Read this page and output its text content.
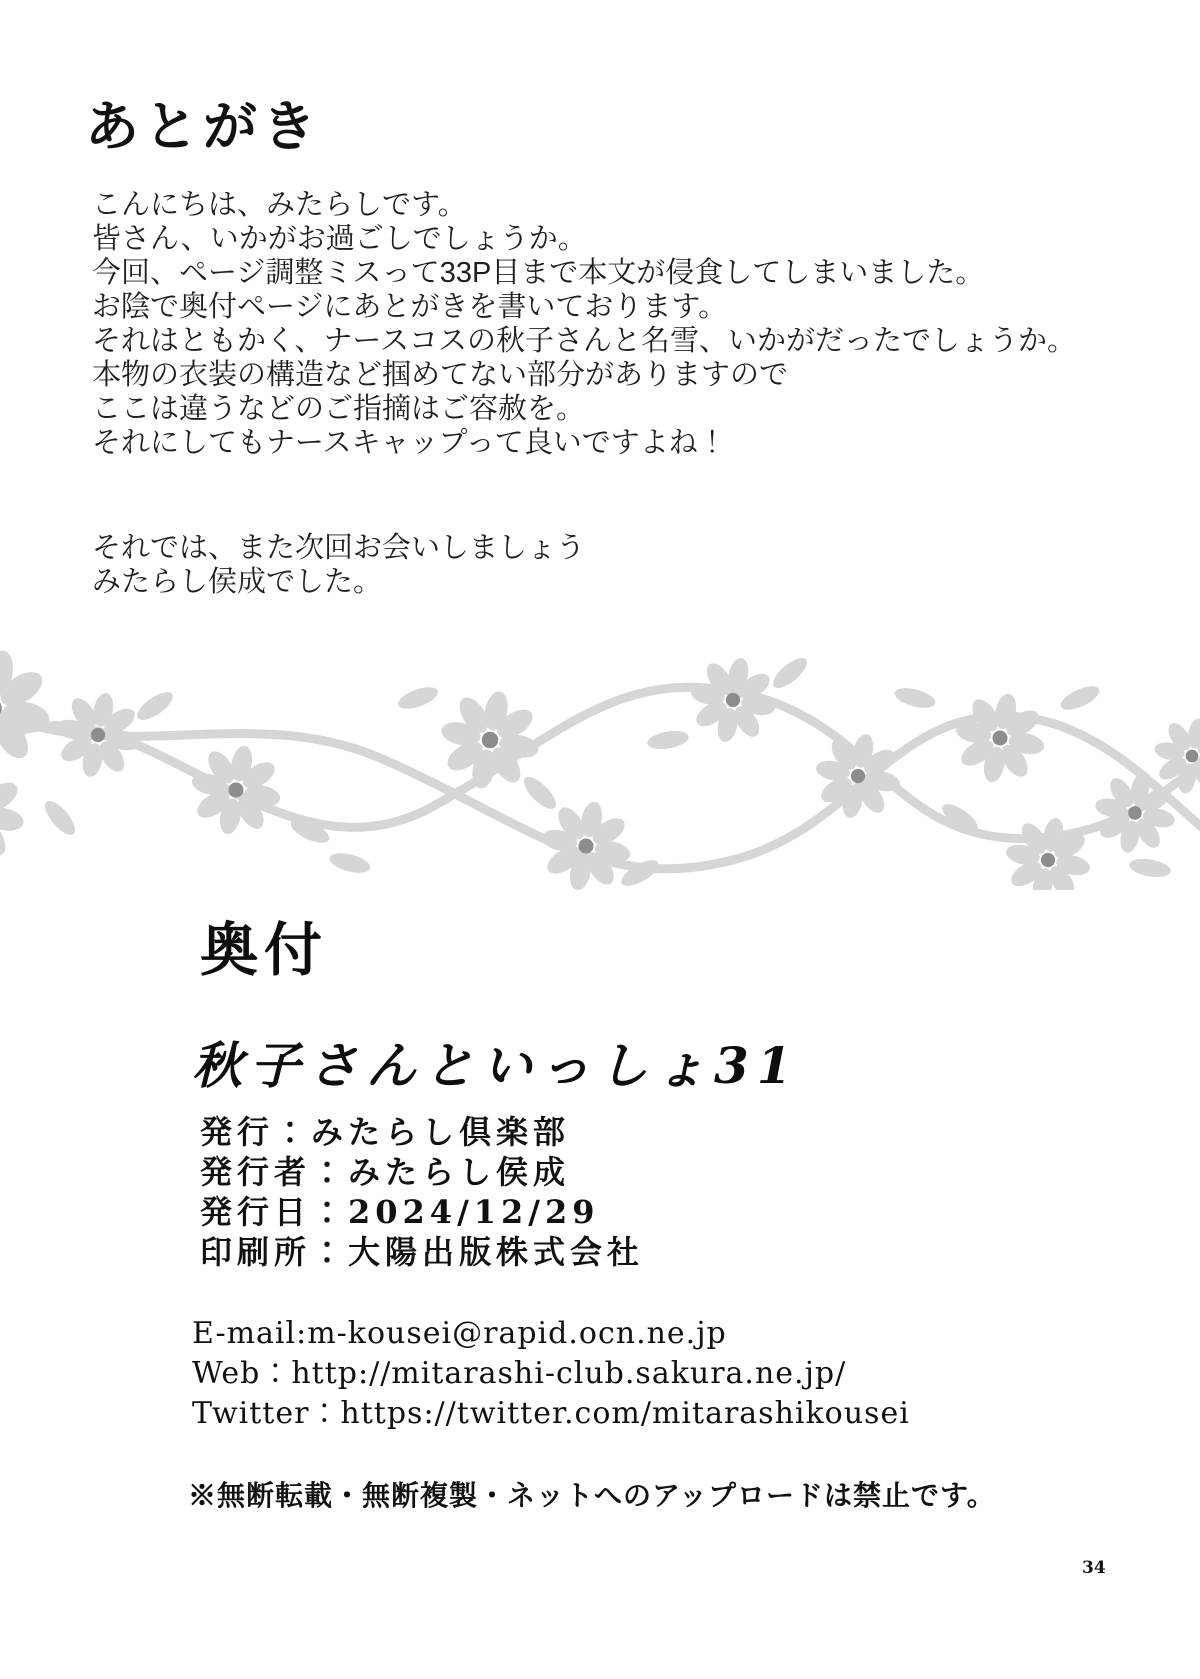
あとがき
こんにちは、みたらしです。
皆さん、いかがお過ごしでしょうか。
今回、ページ調整ミスって33P目まで本文が侵食してしまいました。
お陰で奥付ページにあとがきを書いております。
それはともかく、ナースコスの秋子さんと名雪、いかがだったでしょうか。
本物の衣装の構造など掴めてない部分がありますので
ここは違うなどのご指摘はご容赦を。
それにしてもナースキャップって良いですよね！
それでは、また次回お会いしましょう
みたらし侯成でした。
奥付
秋子さんといっしょ31
発行：みたらし倶楽部
発行者：みたらし侯成
発行日：2024/12/29
印刷所：大陽出版株式会社
E-mail:m-kousei@rapid.ocn.ne.jp
Web：http://mitarashi-club.sakura.ne.jp/
Twitter：https://twitter.com/mitarashikousei
※無断転載・無断複製・ネットへのアップロードは禁止です。
34
